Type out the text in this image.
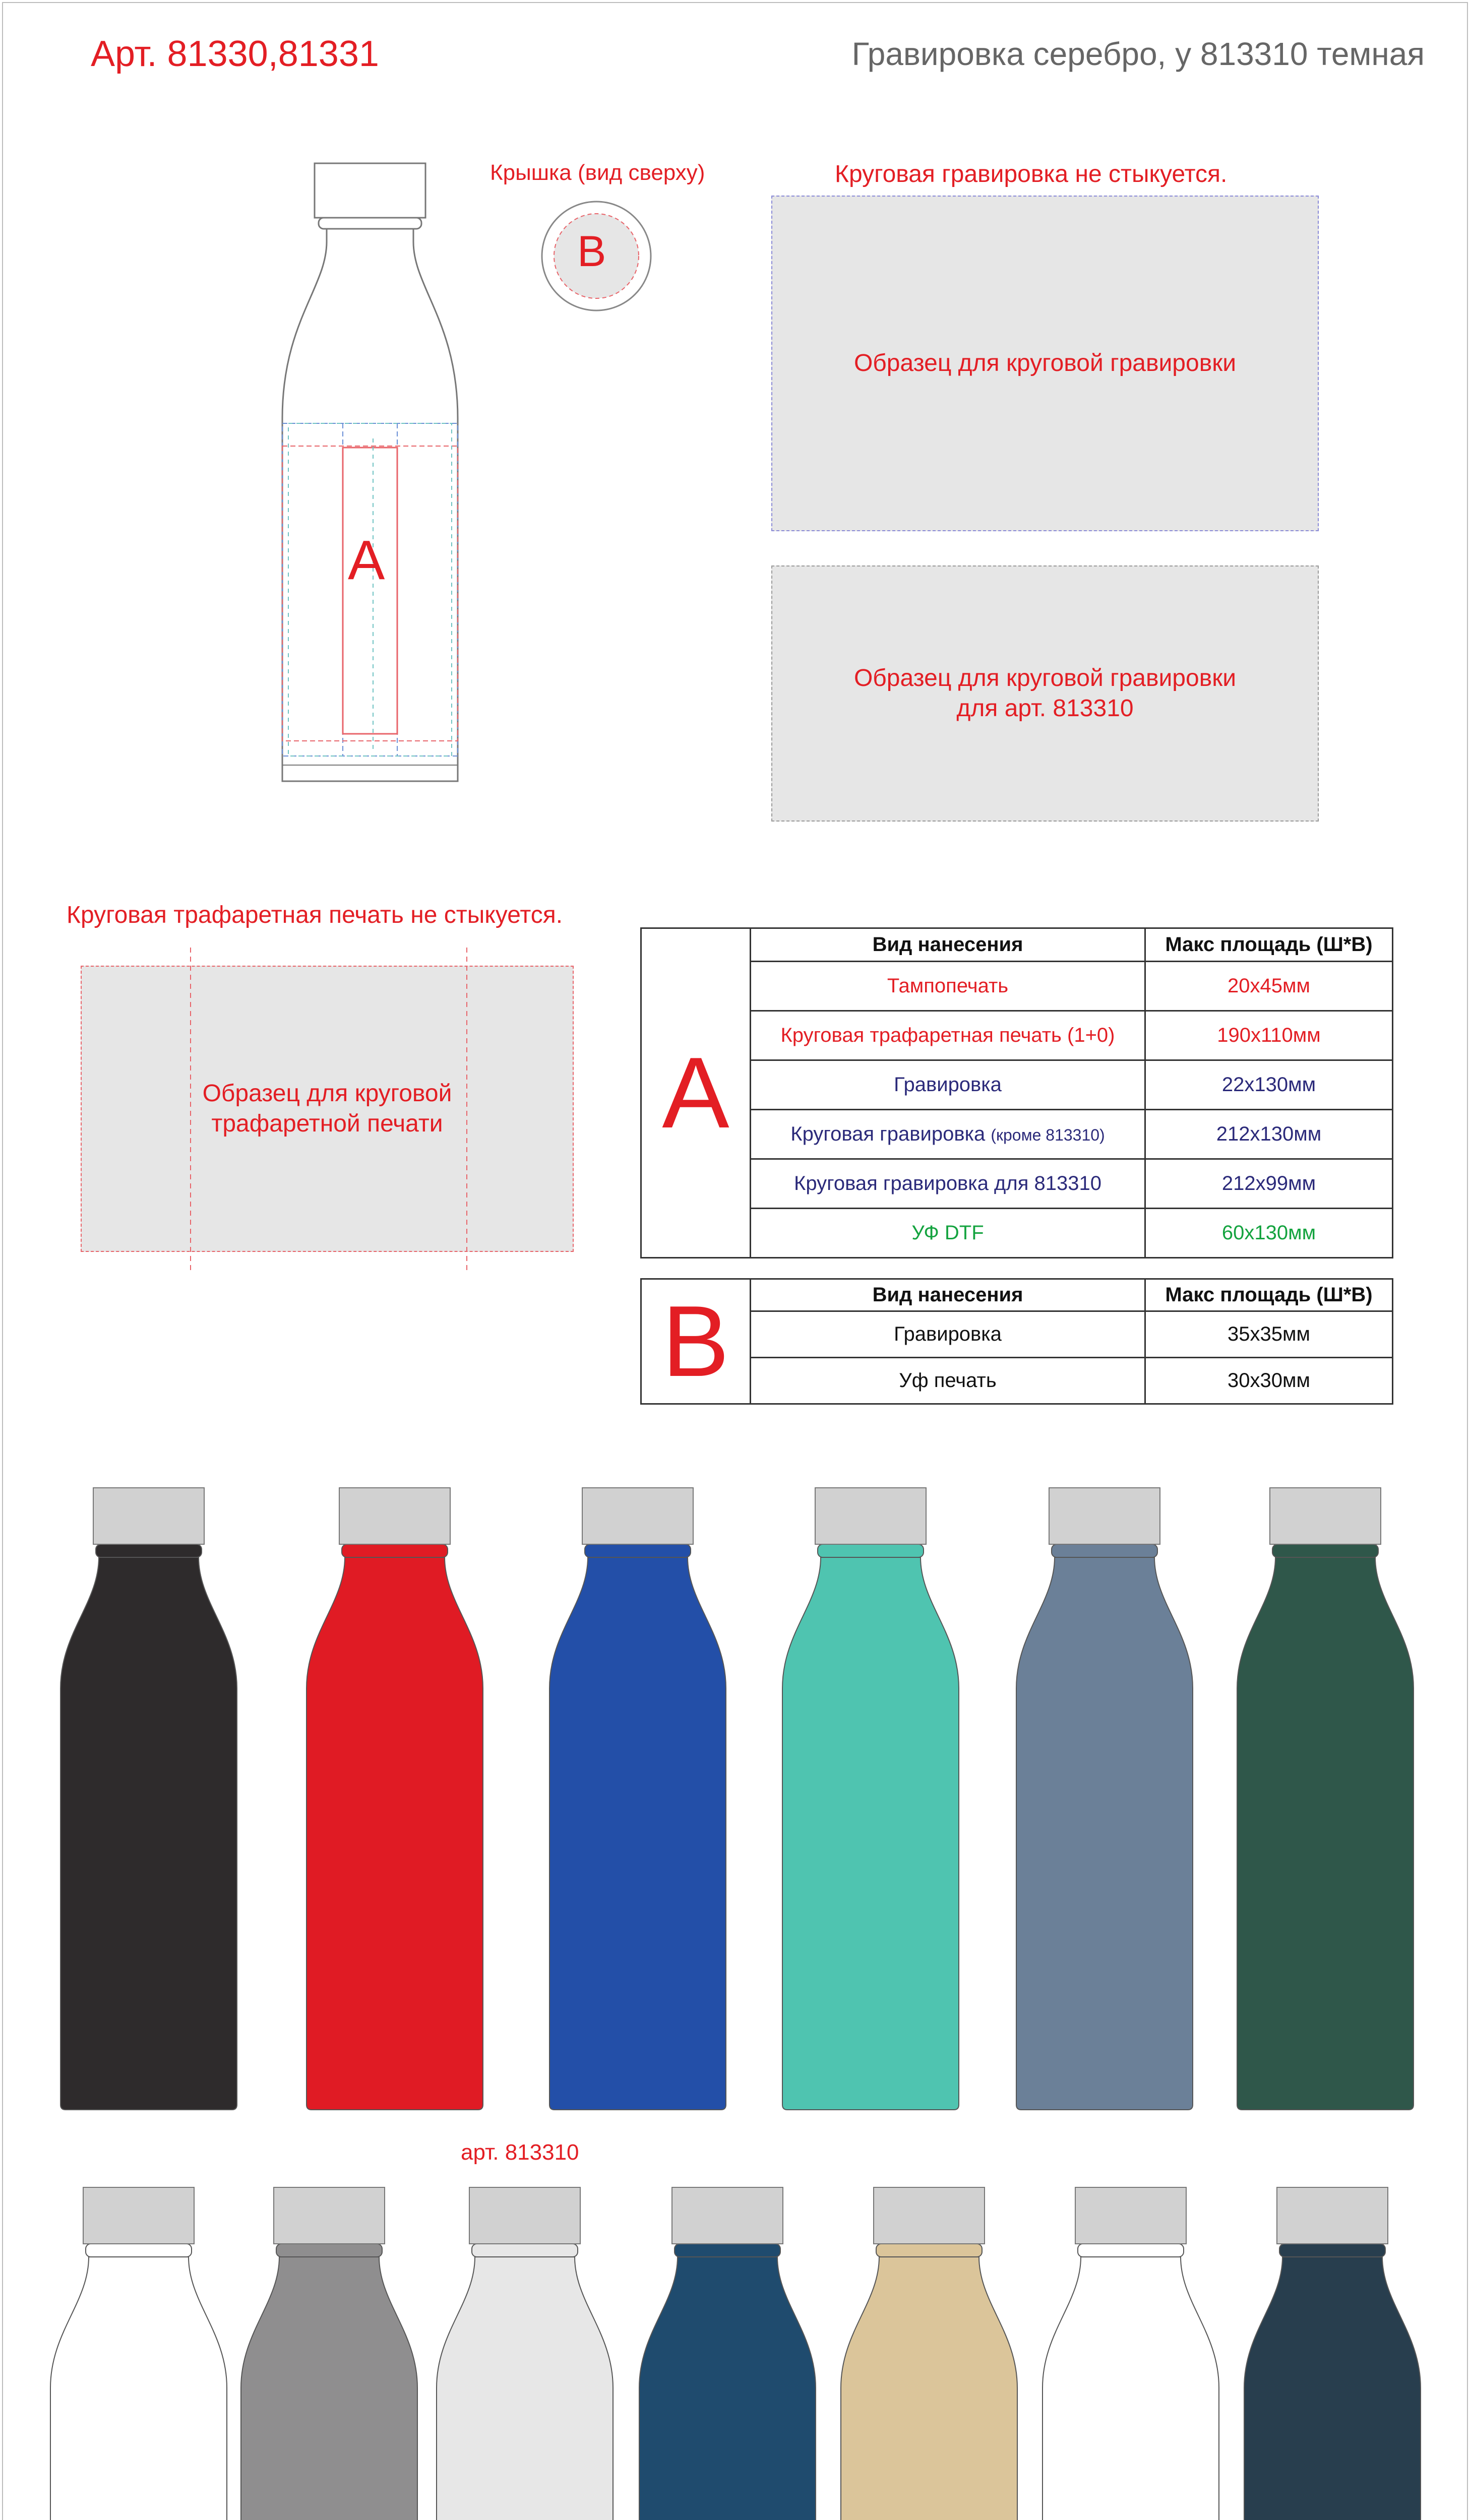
Арт. 81330,81331	Гравировка серебро, у 813310 темная
А
Крышка (вид сверху)
B
Круговая гравировка не стыкуется.
Образец для круговой гравировки
Образец для круговой гравировки
для арт. 813310
Круговая трафаретная печать не стыкуется.
Образец для круговой
трафаретной печати А	Вид нанесения	Макс площадь (Ш*В)
	Тампопечать	20х45мм
	Круговая трафаретная печать (1+0)	190х110мм
	Гравировка	22х130мм
	Круговая гравировка (кроме 813310)	212х130мм
	Круговая гравировка для 813310	212х99мм
	УФ DTF	60х130мм
В	Вид нанесения	Макс площадь (Ш*В)
	Гравировка	35х35мм
	Уф печать	30х30мм
арт. 813310
